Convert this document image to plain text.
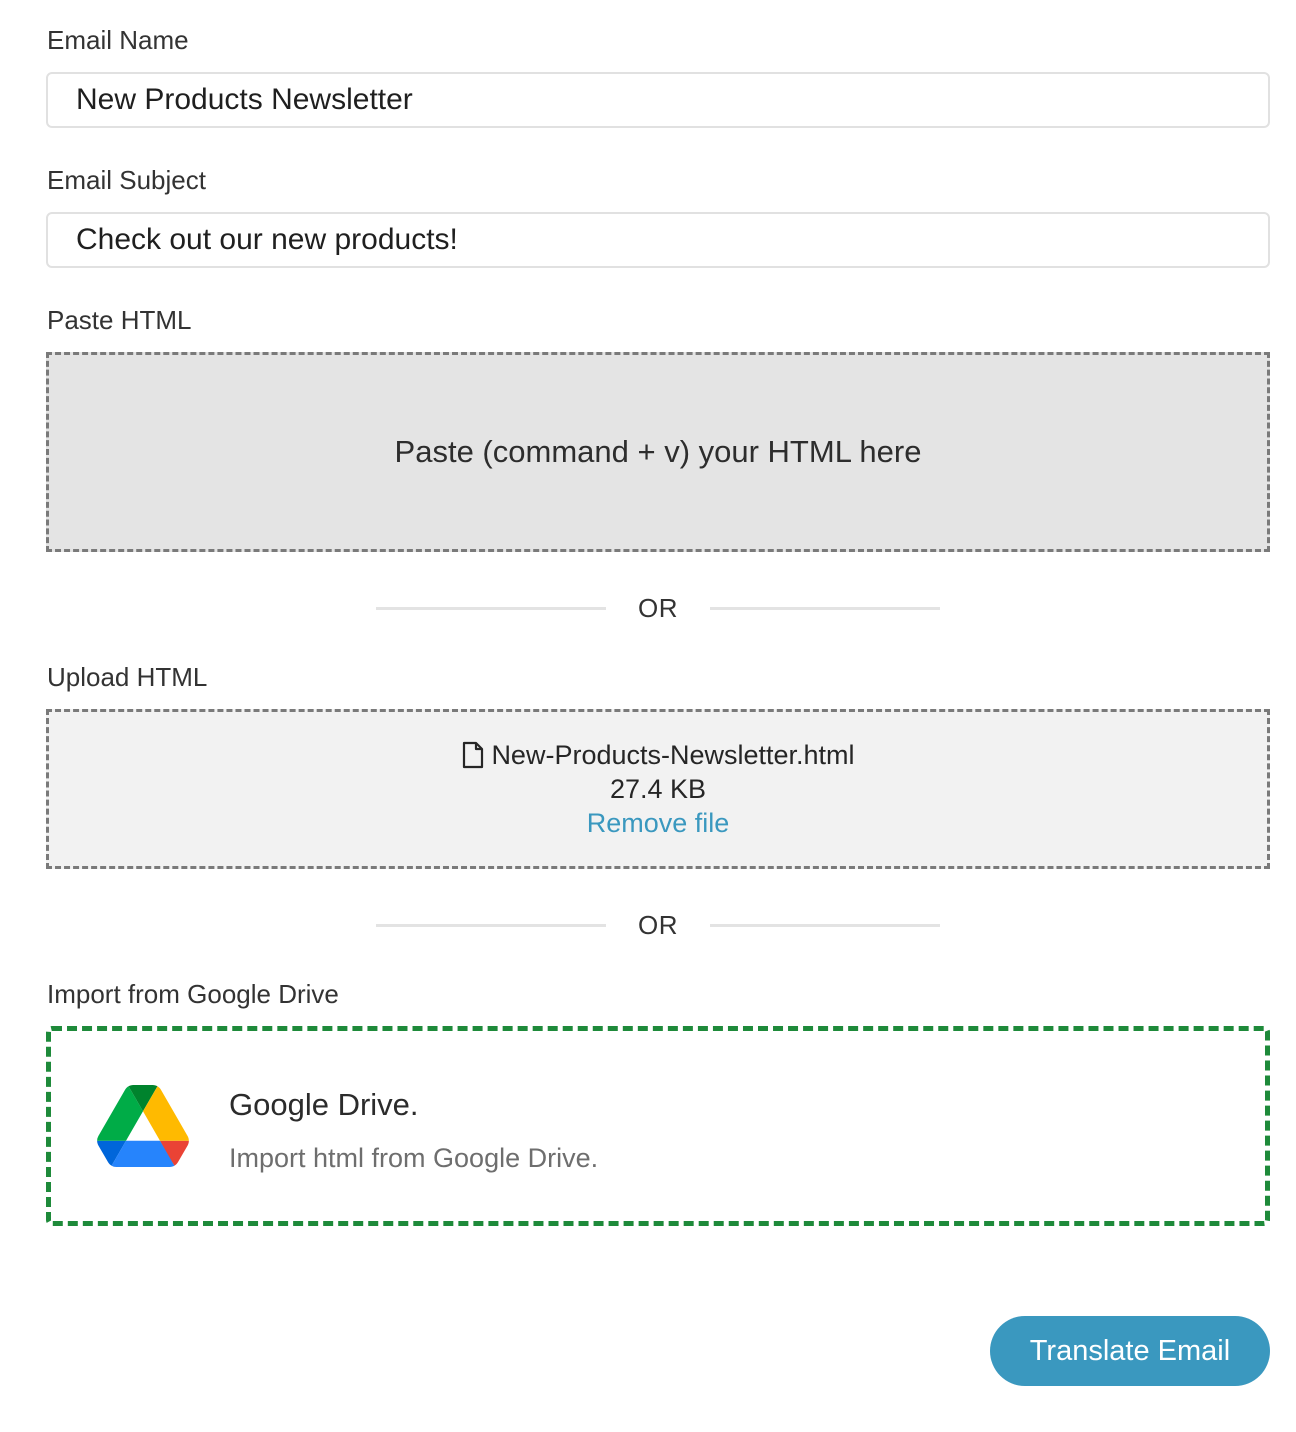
Email Name
New Products Newsletter
Email Subject
Check out our new products!
Paste HTML
Paste (command + v) your HTML here
OR
Upload HTML
New-Products-Newsletter.html
27.4 KB
Remove file
OR
Import from Google Drive
Google Drive.
Import html from Google Drive.
Translate Email
